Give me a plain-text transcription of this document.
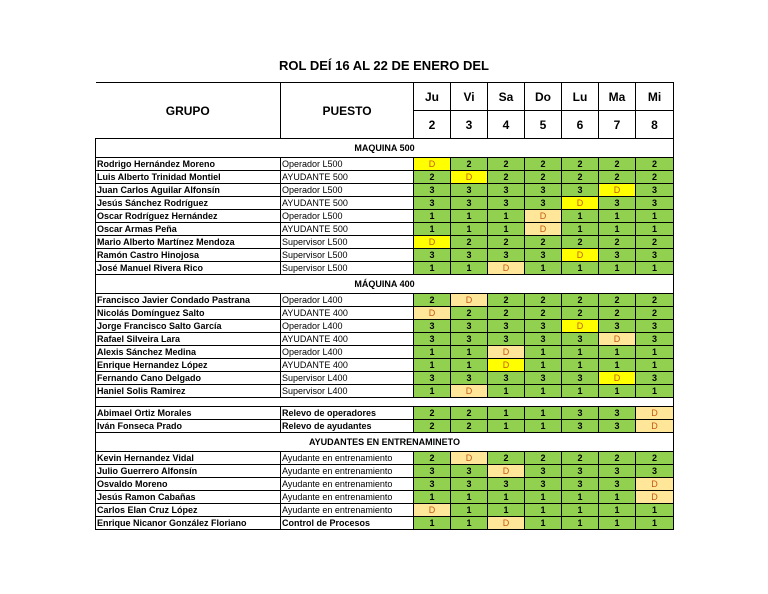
ROL DEÍ 16 AL 22 DE ENERO DEL
GRUPO	PUESTO	Ju	Vi	Sa	Do	Lu	Ma	Mi
		2	3	4	5	6	7	8
MAQUINA 500								
Rodrigo Hernández Moreno	Operador L500	D	2	2	2	2	2	2
Luis Alberto Trinidad Montiel	AYUDANTE 500	2	D	2	2	2	2	2
Juan Carlos Aguilar Alfonsín	Operador L500	3	3	3	3	3	D	3
Jesús Sánchez Rodríguez	AYUDANTE 500	3	3	3	3	D	3	3
Oscar Rodríguez Hernández	Operador L500	1	1	1	D	1	1	1
Oscar Armas Peña	AYUDANTE 500	1	1	1	D	1	1	1
Mario Alberto Martínez Mendoza	Supervisor L500	D	2	2	2	2	2	2
Ramón Castro Hinojosa	Supervisor L500	3	3	3	3	D	3	3
José Manuel Rivera Rico	Supervisor L500	1	1	D	1	1	1	1
MÁQUINA 400								
Francisco Javier Condado Pastrana	Operador L400	2	D	2	2	2	2	2
Nicolás Domínguez Salto	AYUDANTE 400	D	2	2	2	2	2	2
Jorge Francisco Salto García	Operador L400	3	3	3	3	D	3	3
Rafael Silveira Lara	AYUDANTE 400	3	3	3	3	3	D	3
Alexis Sánchez Medina	Operador L400	1	1	D	1	1	1	1
Enrique Hernandez López	AYUDANTE 400	1	1	D	1	1	1	1
Fernando Cano Delgado	Supervisor L400	3	3	3	3	3	D	3
Haniel Solis Ramirez	Supervisor L400	1	D	1	1	1	1	1

Abimael Ortiz Morales	Relevo de operadores	2	2	1	1	3	3	D
Iván Fonseca Prado	Relevo de ayudantes	2	2	1	1	3	3	D
AYUDANTES EN ENTRENAMINETO								
Kevin Hernandez Vidal	Ayudante en entrenamiento	2	D	2	2	2	2	2
Julio Guerrero Alfonsín	Ayudante en entrenamiento	3	3	D	3	3	3	3
Osvaldo Moreno	Ayudante en entrenamiento	3	3	3	3	3	3	D
Jesús Ramon Cabañas	Ayudante en entrenamiento	1	1	1	1	1	1	D
Carlos Elan Cruz López	Ayudante en entrenamiento	D	1	1	1	1	1	1
Enrique Nicanor González Floriano	Control de Procesos	1	1	D	1	1	1	1
